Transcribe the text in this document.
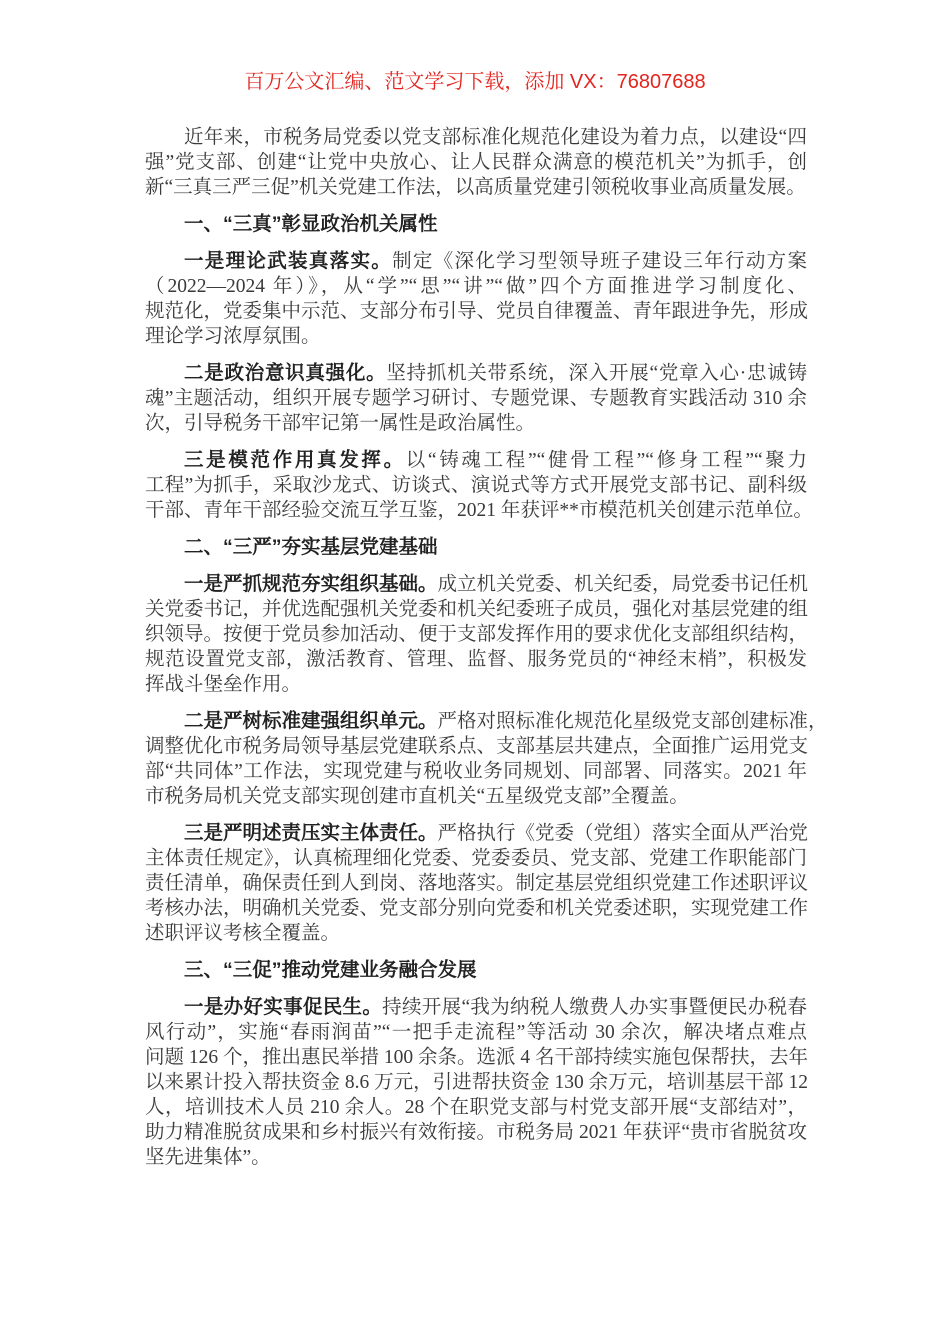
百万公文汇编、范文学习下载，添加 VX：76807688
近年来，市税务局党委以党支部标准化规范化建设为着力点，以建设“四
强”党支部、创建“让党中央放心、让人民群众满意的模范机关”为抓手，创
新“三真三严三促”机关党建工作法，以高质量党建引领税收事业高质量发展。
一、“三真”彰显政治机关属性
一是理论武装真落实。制定《深化学习型领导班子建设三年行动方案
（2022—2024 年）》，从“学”“思”“讲”“做”四个方面推进学习制度化、
规范化，党委集中示范、支部分布引导、党员自律覆盖、青年跟进争先，形成
理论学习浓厚氛围。
二是政治意识真强化。坚持抓机关带系统，深入开展“党章入心·忠诚铸
魂”主题活动，组织开展专题学习研讨、专题党课、专题教育实践活动 310 余
次，引导税务干部牢记第一属性是政治属性。
三是模范作用真发挥。以“铸魂工程”“健骨工程”“修身工程”“聚力
工程”为抓手，采取沙龙式、访谈式、演说式等方式开展党支部书记、副科级
干部、青年干部经验交流互学互鉴，2021 年获评**市模范机关创建示范单位。
二、“三严”夯实基层党建基础
一是严抓规范夯实组织基础。成立机关党委、机关纪委，局党委书记任机
关党委书记，并优选配强机关党委和机关纪委班子成员，强化对基层党建的组
织领导。按便于党员参加活动、便于支部发挥作用的要求优化支部组织结构，
规范设置党支部，激活教育、管理、监督、服务党员的“神经末梢”，积极发
挥战斗堡垒作用。
二是严树标准建强组织单元。严格对照标准化规范化星级党支部创建标准，
调整优化市税务局领导基层党建联系点、支部基层共建点，全面推广运用党支
部“共同体”工作法，实现党建与税收业务同规划、同部署、同落实。2021 年
市税务局机关党支部实现创建市直机关“五星级党支部”全覆盖。
三是严明述责压实主体责任。严格执行《党委（党组）落实全面从严治党
主体责任规定》，认真梳理细化党委、党委委员、党支部、党建工作职能部门
责任清单，确保责任到人到岗、落地落实。制定基层党组织党建工作述职评议
考核办法，明确机关党委、党支部分别向党委和机关党委述职，实现党建工作
述职评议考核全覆盖。
三、“三促”推动党建业务融合发展
一是办好实事促民生。持续开展“我为纳税人缴费人办实事暨便民办税春
风行动”，实施“春雨润苗”“一把手走流程”等活动 30 余次，解决堵点难点
问题 126 个，推出惠民举措 100 余条。选派 4 名干部持续实施包保帮扶，去年
以来累计投入帮扶资金 8.6 万元，引进帮扶资金 130 余万元，培训基层干部 12
人，培训技术人员 210 余人。28 个在职党支部与村党支部开展“支部结对”，
助力精准脱贫成果和乡村振兴有效衔接。市税务局 2021 年获评“贵市省脱贫攻
坚先进集体”。
